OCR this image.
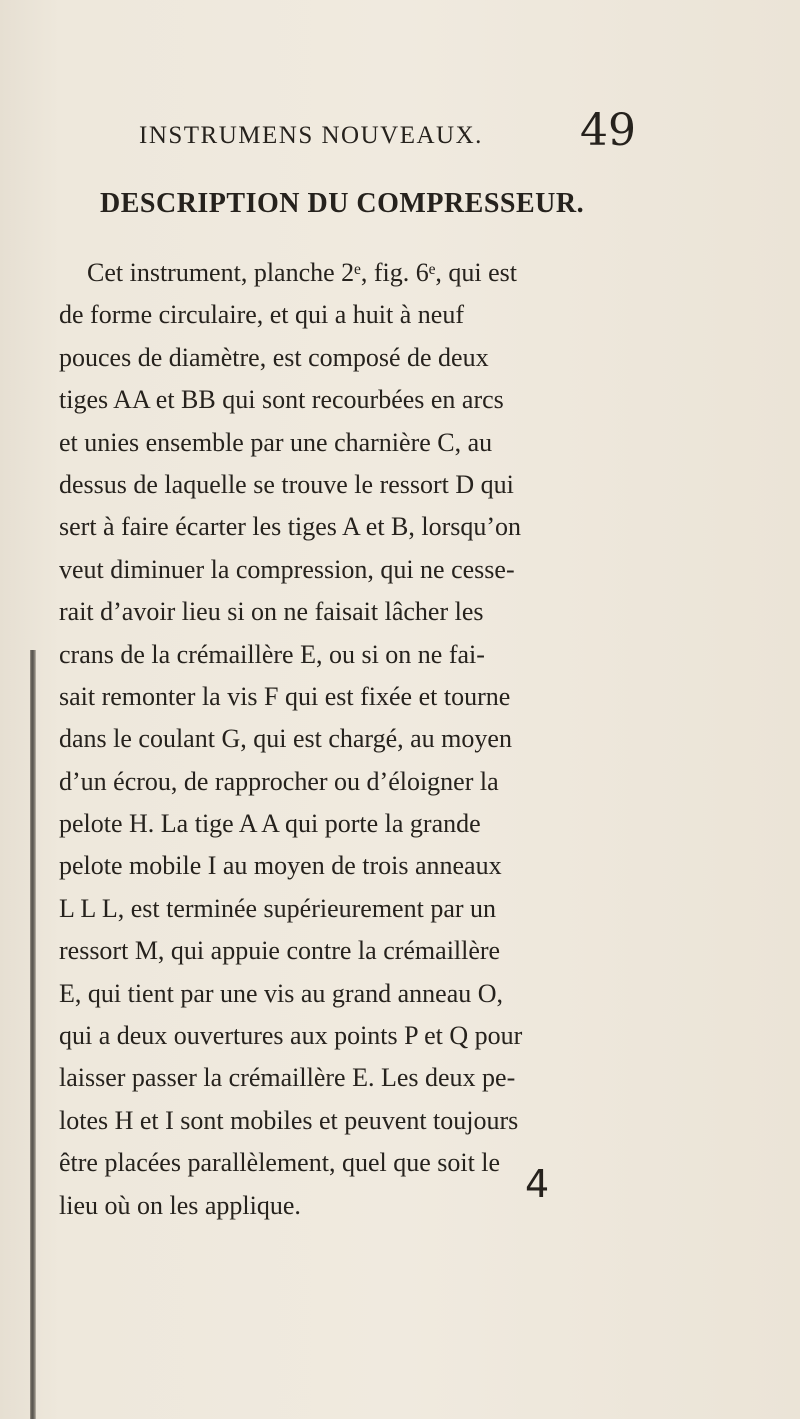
INSTRUMENS NOUVEAUX. 49
DESCRIPTION DU COMPRESSEUR.
Cet instrument, planche 2ᵉ, fig. 6ᵉ, qui est
de forme circulaire, et qui a huit à neuf
pouces de diamètre, est composé de deux
tiges AA et BB qui sont recourbées en arcs
et unies ensemble par une charnière C, au
dessus de laquelle se trouve le ressort D qui
sert à faire écarter les tiges A et B, lorsqu’on
veut diminuer la compression, qui ne cesse-
rait d’avoir lieu si on ne faisait lâcher les
crans de la crémaillère E, ou si on ne fai-
sait remonter la vis F qui est fixée et tourne
dans le coulant G, qui est chargé, au moyen
d’un écrou, de rapprocher ou d’éloigner la
pelote H. La tige A A qui porte la grande
pelote mobile I au moyen de trois anneaux
L L L, est terminée supérieurement par un
ressort M, qui appuie contre la crémaillère
E, qui tient par une vis au grand anneau O,
qui a deux ouvertures aux points P et Q pour
laisser passer la crémaillère E. Les deux pe-
lotes H et I sont mobiles et peuvent toujours
être placées parallèlement, quel que soit le
lieu où on les applique.	4
